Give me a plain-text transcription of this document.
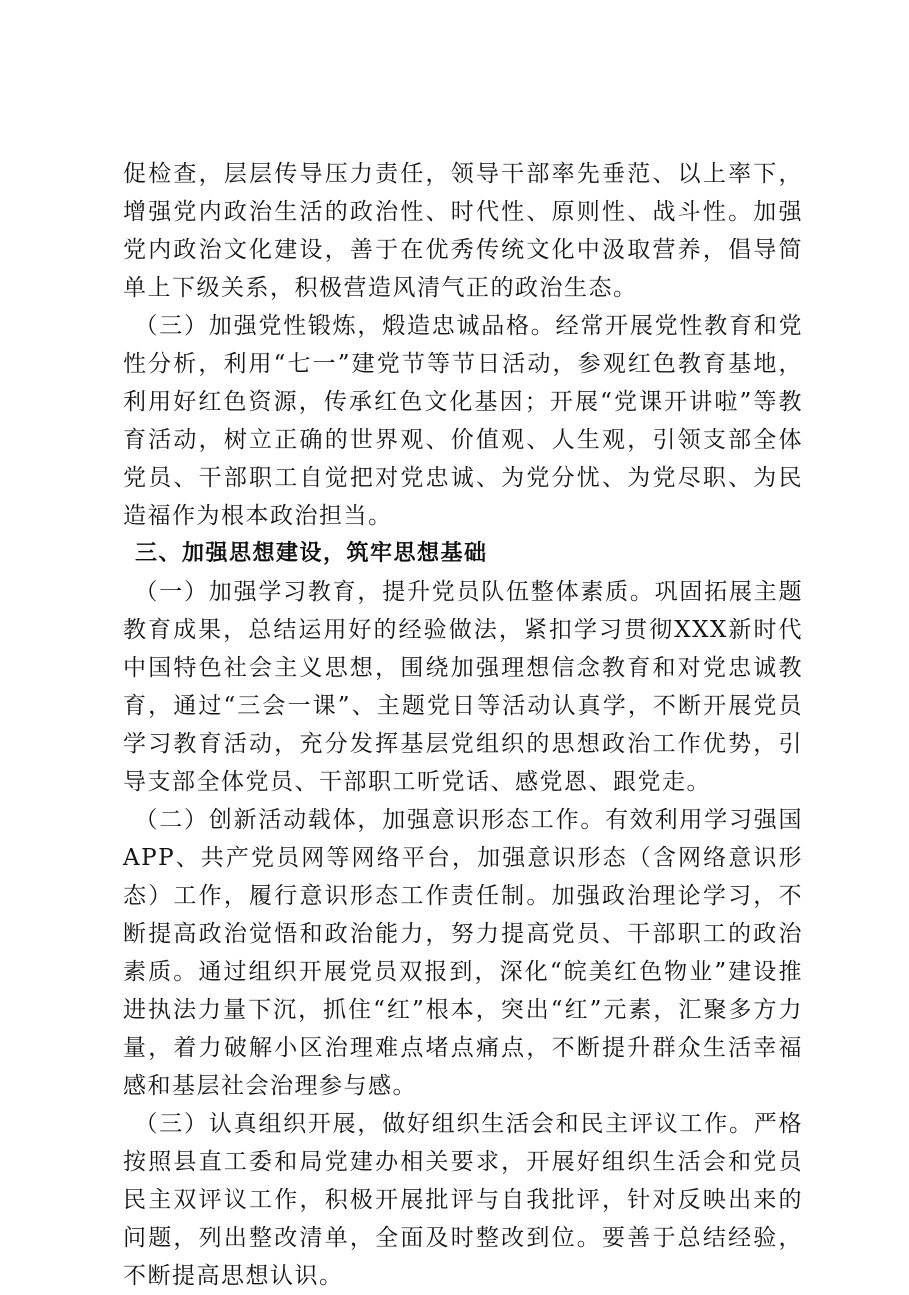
促检查，层层传导压力责任，领导干部率先垂范、以上率下，增强党内政治生活的政治性、时代性、原则性、战斗性。加强党内政治文化建设，善于在优秀传统文化中汲取营养，倡导简单上下级关系，积极营造风清气正的政治生态。

（三）加强党性锻炼，煅造忠诚品格。经常开展党性教育和党性分析，利用“七一”建党节等节日活动，参观红色教育基地，利用好红色资源，传承红色文化基因；开展“党课开讲啦”等教育活动，树立正确的世界观、价值观、人生观，引领支部全体党员、干部职工自觉把对党忠诚、为党分忧、为党尽职、为民造福作为根本政治担当。

三、加强思想建设，筑牢思想基础

（一）加强学习教育，提升党员队伍整体素质。巩固拓展主题教育成果，总结运用好的经验做法，紧扣学习贯彻XXX新时代中国特色社会主义思想，围绕加强理想信念教育和对党忠诚教育，通过“三会一课”、主题党日等活动认真学，不断开展党员学习教育活动，充分发挥基层党组织的思想政治工作优势，引导支部全体党员、干部职工听党话、感党恩、跟党走。

（二）创新活动载体，加强意识形态工作。有效利用学习强国APP、共产党员网等网络平台，加强意识形态（含网络意识形态）工作，履行意识形态工作责任制。加强政治理论学习，不断提高政治觉悟和政治能力，努力提高党员、干部职工的政治素质。通过组织开展党员双报到，深化“皖美红色物业”建设推进执法力量下沉，抓住“红”根本，突出“红”元素，汇聚多方力量，着力破解小区治理难点堵点痛点，不断提升群众生活幸福感和基层社会治理参与感。

（三）认真组织开展，做好组织生活会和民主评议工作。严格按照县直工委和局党建办相关要求，开展好组织生活会和党员民主双评议工作，积极开展批评与自我批评，针对反映出来的问题，列出整改清单，全面及时整改到位。要善于总结经验，不断提高思想认识。
